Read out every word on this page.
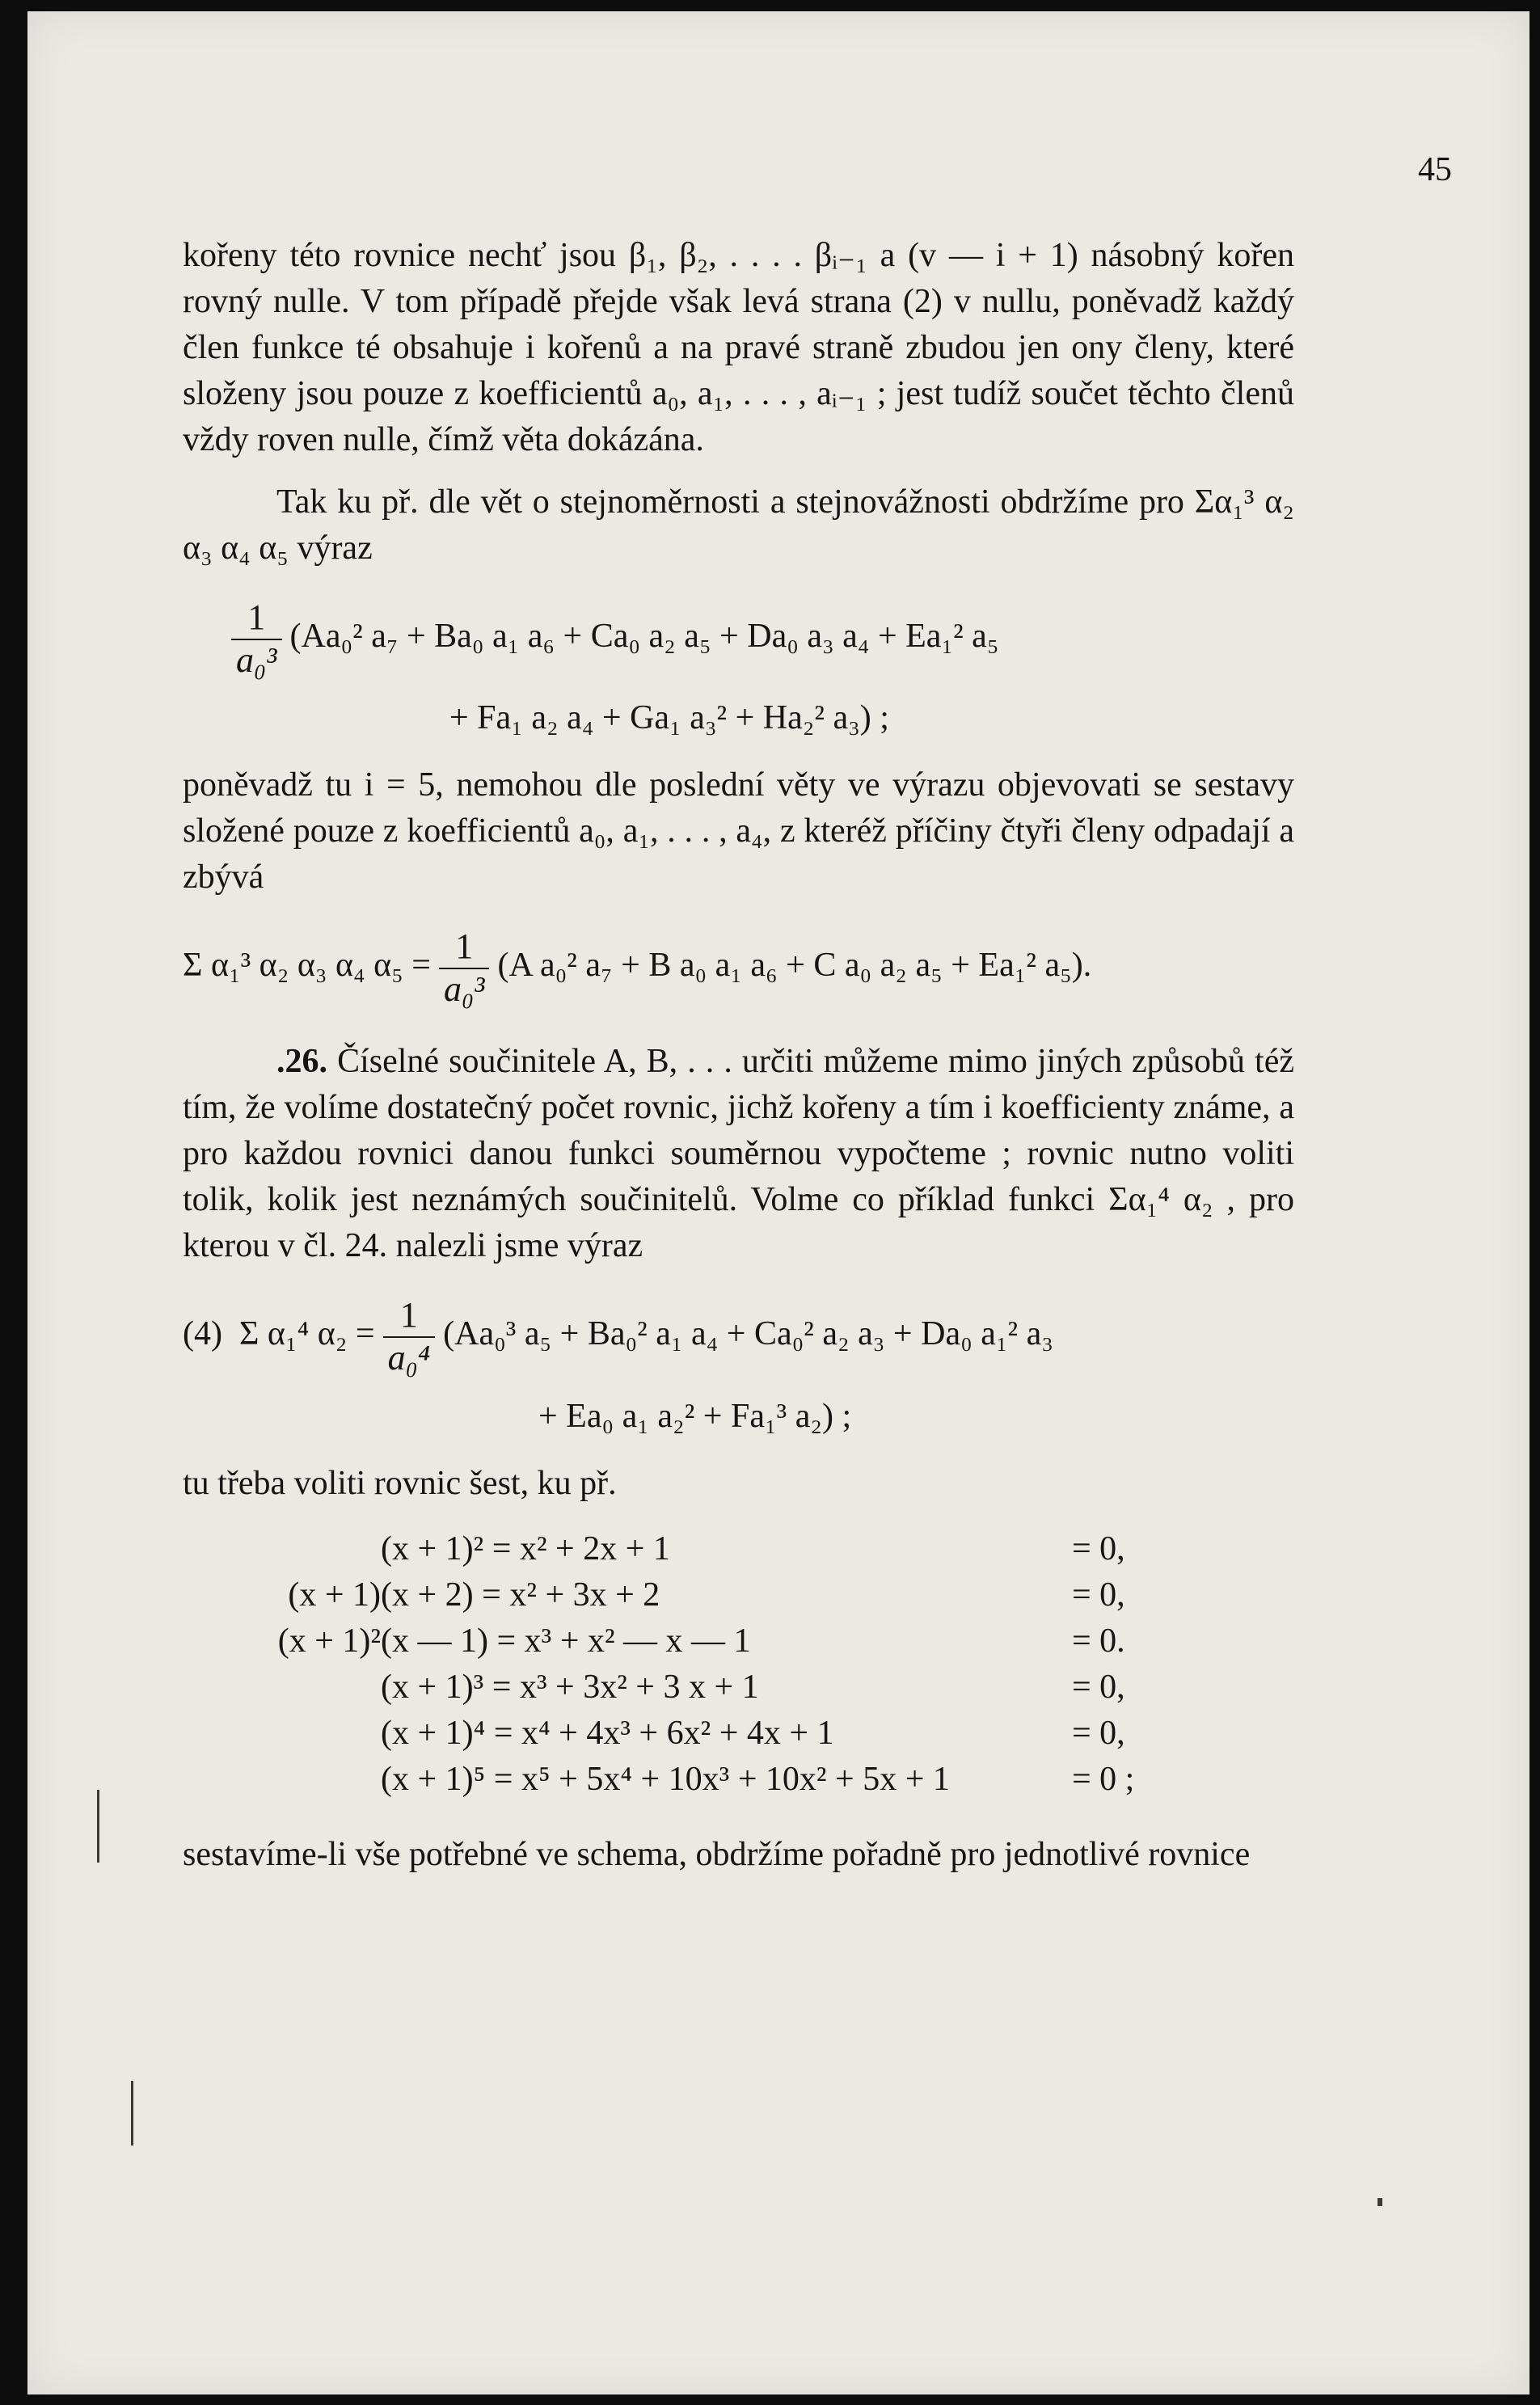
45

kořeny této rovnice nechť jsou β₁, β₂, . . . . βᵢ₋₁ a (v — i + 1) násobný kořen rovný nulle. V tom případě přejde však levá strana (2) v nullu, poněvadž každý člen funkce té obsahuje i kořenů a na pravé straně zbudou jen ony členy, které složeny jsou pouze z koefficientů a₀, a₁, . . . , aᵢ₋₁ ; jest tudíž součet těchto členů vždy roven nulle, čímž věta dokázána.

Tak ku př. dle vět o stejnoměrnosti a stejnovážnosti obdržíme pro Σα₁³ α₂ α₃ α₄ α₅ výraz

$\frac{1}{\text{a₀³}} (Aa_0^2$ a₇ + Ba₀ a₁ a₆ + Ca₀ a₂ a₅ + Da₀ a₃ a₄ + Ea₁² a₅
+ Fa₁ a₂ a₄ + Ga₁ a₃² + Ha₂² a₃) ;

poněvadž tu i = 5, nemohou dle poslední věty ve výrazu objevovati se sestavy složené pouze z koefficientů a₀, a₁, . . . , a₄, z kteréž příčiny čtyři členy odpadají a zbývá

Σ α₁³ α₂ α₃ α₄ $\alpha_5 = \frac{1}{\text{a₀³}} (A$ a₀² a₇ + B a₀ a₁ a₆ + C a₀ a₂ a₅ + Ea₁² a₅).

.26. Číselné součinitele A, B, . . . určiti můžeme mimo jiných způsobů též tím, že volíme dostatečný počet rovnic, jichž kořeny a tím i koefficienty známe, a pro každou rovnici danou funkci souměrnou vypočteme ; rovnic nutno voliti tolik, kolik jest neznámých součinitelů. Volme co příklad funkci Σα₁⁴ α₂ , pro kterou v čl. 24. nalezli jsme výraz

(4) Σ α₁⁴ $\alpha_2 = \frac{1}{\text{a₀⁴}} (Aa_0^3$ a₅ + Ba₀² a₁ a₄ + Ca₀² a₂ a₃ + Da₀ a₁² a₃
+ Ea₀ a₁ a₂² + Fa₁³ a₂) ;

tu třeba voliti rovnic šest, ku př.

	(x + 1)² = x² + 2x + 1	= 0,
(x + 1)	(x + 2) = x² + 3x + 2	= 0,
(x + 1)²	(x — 1) = x³ + x² — x — 1	= 0.
	(x + 1)³ = x³ + 3x² + 3 x + 1	= 0,
	(x + 1)⁴ = x⁴ + 4x³ + 6x² + 4x + 1	= 0,
	(x + 1)⁵ = x⁵ + 5x⁴ + 10x³ + 10x² + 5x + 1	= 0 ;

sestavíme-li vše potřebné ve schema, obdržíme pořadně pro jednotlivé rovnice
